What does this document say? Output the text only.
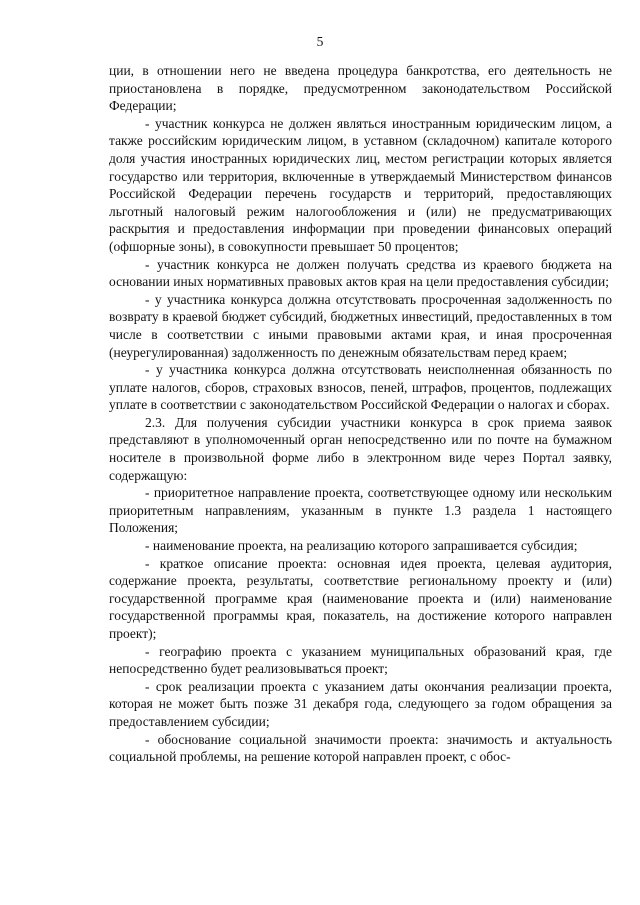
5

ции, в отношении него не введена процедура банкротства, его деятельность не приостановлена в порядке, предусмотренном законодательством Российской Федерации;

- участник конкурса не должен являться иностранным юридическим лицом, а также российским юридическим лицом, в уставном (складочном) капитале которого доля участия иностранных юридических лиц, местом регистрации которых является государство или территория, включенные в утверждаемый Министерством финансов Российской Федерации перечень государств и территорий, предоставляющих льготный налоговый режим налогообложения и (или) не предусматривающих раскрытия и предоставления информации при проведении финансовых операций (офшорные зоны), в совокупности превышает 50 процентов;

- участник конкурса не должен получать средства из краевого бюджета на основании иных нормативных правовых актов края на цели предоставления субсидии;

- у участника конкурса должна отсутствовать просроченная задолженность по возврату в краевой бюджет субсидий, бюджетных инвестиций, предоставленных в том числе в соответствии с иными правовыми актами края, и иная просроченная (неурегулированная) задолженность по денежным обязательствам перед краем;

- у участника конкурса должна отсутствовать неисполненная обязанность по уплате налогов, сборов, страховых взносов, пеней, штрафов, процентов, подлежащих уплате в соответствии с законодательством Российской Федерации о налогах и сборах.

2.3. Для получения субсидии участники конкурса в срок приема заявок представляют в уполномоченный орган непосредственно или по почте на бумажном носителе в произвольной форме либо в электронном виде через Портал заявку, содержащую:

- приоритетное направление проекта, соответствующее одному или нескольким приоритетным направлениям, указанным в пункте 1.3 раздела 1 настоящего Положения;

- наименование проекта, на реализацию которого запрашивается субсидия;

- краткое описание проекта: основная идея проекта, целевая аудитория, содержание проекта, результаты, соответствие региональному проекту и (или) государственной программе края (наименование проекта и (или) наименование государственной программы края, показатель, на достижение которого направлен проект);

- географию проекта с указанием муниципальных образований края, где непосредственно будет реализовываться проект;

- срок реализации проекта с указанием даты окончания реализации проекта, которая не может быть позже 31 декабря года, следующего за годом обращения за предоставлением субсидии;

- обоснование социальной значимости проекта: значимость и актуальность социальной проблемы, на решение которой направлен проект, с обос-
